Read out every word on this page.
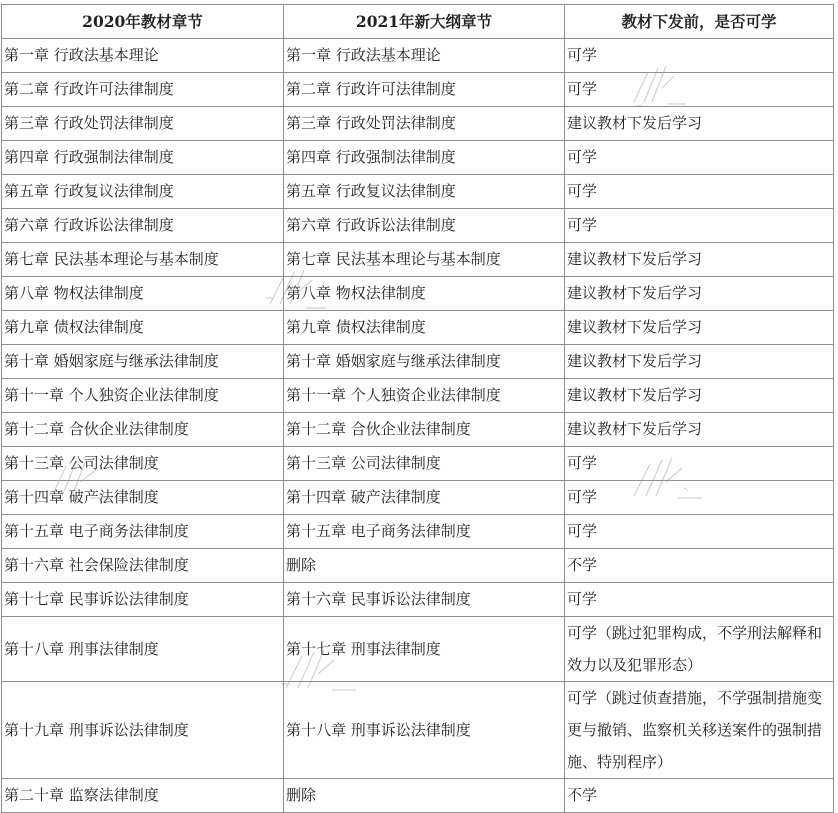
2020年教材章节	2021年新大纲章节	教材下发前，是否可学
第一章 行政法基本理论	第一章 行政法基本理论	可学
第二章 行政许可法律制度	第二章 行政许可法律制度	可学
第三章 行政处罚法律制度	第三章 行政处罚法律制度	建议教材下发后学习
第四章 行政强制法律制度	第四章 行政强制法律制度	可学
第五章 行政复议法律制度	第五章 行政复议法律制度	可学
第六章 行政诉讼法律制度	第六章 行政诉讼法律制度	可学
第七章 民法基本理论与基本制度	第七章 民法基本理论与基本制度	建议教材下发后学习
第八章 物权法律制度	第八章 物权法律制度	建议教材下发后学习
第九章 债权法律制度	第九章 债权法律制度	建议教材下发后学习
第十章 婚姻家庭与继承法律制度	第十章 婚姻家庭与继承法律制度	建议教材下发后学习
第十一章 个人独资企业法律制度	第十一章 个人独资企业法律制度	建议教材下发后学习
第十二章 合伙企业法律制度	第十二章 合伙企业法律制度	建议教材下发后学习
第十三章 公司法律制度	第十三章 公司法律制度	可学
第十四章 破产法律制度	第十四章 破产法律制度	可学
第十五章 电子商务法律制度	第十五章 电子商务法律制度	可学
第十六章 社会保险法律制度	删除	不学
第十七章 民事诉讼法律制度	第十六章 民事诉讼法律制度	可学
第十八章 刑事法律制度	第十七章 刑事法律制度	可学（跳过犯罪构成，不学刑法解释和效力以及犯罪形态）
第十九章 刑事诉讼法律制度	第十八章 刑事诉讼法律制度	可学（跳过侦查措施，不学强制措施变更与撤销、监察机关移送案件的强制措施、特别程序）
第二十章 监察法律制度	删除	不学
